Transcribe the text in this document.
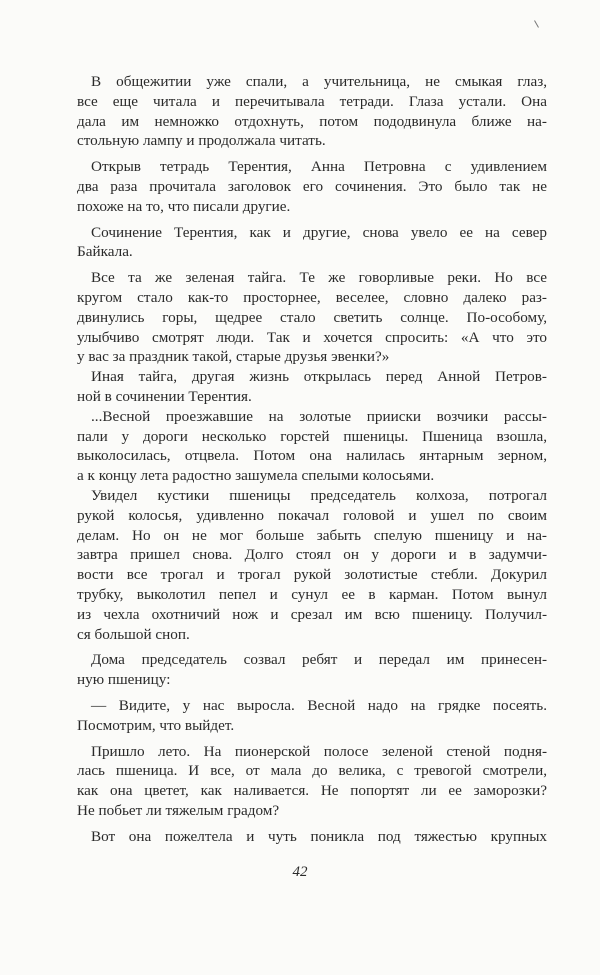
В общежитии уже спали, а учительница, не смыкая глаз,
все еще читала и перечитывала тетради. Глаза устали. Она
дала им немножко отдохнуть, потом пододвинула ближе на-
стольную лампу и продолжала читать.
Открыв тетрадь Терентия, Анна Петровна с удивлением
два раза прочитала заголовок его сочинения. Это было так не
похоже на то, что писали другие.
Сочинение Терентия, как и другие, снова увело ее на север
Байкала.
Все та же зеленая тайга. Те же говорливые реки. Но все
кругом стало как-то просторнее, веселее, словно далеко раз-
двинулись горы, щедрее стало светить солнце. По-особому,
улыбчиво смотрят люди. Так и хочется спросить: «А что это
у вас за праздник такой, старые друзья эвенки?»
Иная тайга, другая жизнь открылась перед Анной Петров-
ной в сочинении Терентия.
...Весной проезжавшие на золотые прииски возчики рассы-
пали у дороги несколько горстей пшеницы. Пшеница взошла,
выколосилась, отцвела. Потом она налилась янтарным зерном,
а к концу лета радостно зашумела спелыми колосьями.
Увидел кустики пшеницы председатель колхоза, потрогал
рукой колосья, удивленно покачал головой и ушел по своим
делам. Но он не мог больше забыть спелую пшеницу и на-
завтра пришел снова. Долго стоял он у дороги и в задумчи-
вости все трогал и трогал рукой золотистые стебли. Докурил
трубку, выколотил пепел и сунул ее в карман. Потом вынул
из чехла охотничий нож и срезал им всю пшеницу. Получил-
ся большой сноп.
Дома председатель созвал ребят и передал им принесен-
ную пшеницу:
— Видите, у нас выросла. Весной надо на грядке посеять.
Посмотрим, что выйдет.
Пришло лето. На пионерской полосе зеленой стеной подня-
лась пшеница. И все, от мала до велика, с тревогой смотрели,
как она цветет, как наливается. Не попортят ли ее заморозки?
Не побьет ли тяжелым градом?
Вот она пожелтела и чуть поникла под тяжестью крупных
42
